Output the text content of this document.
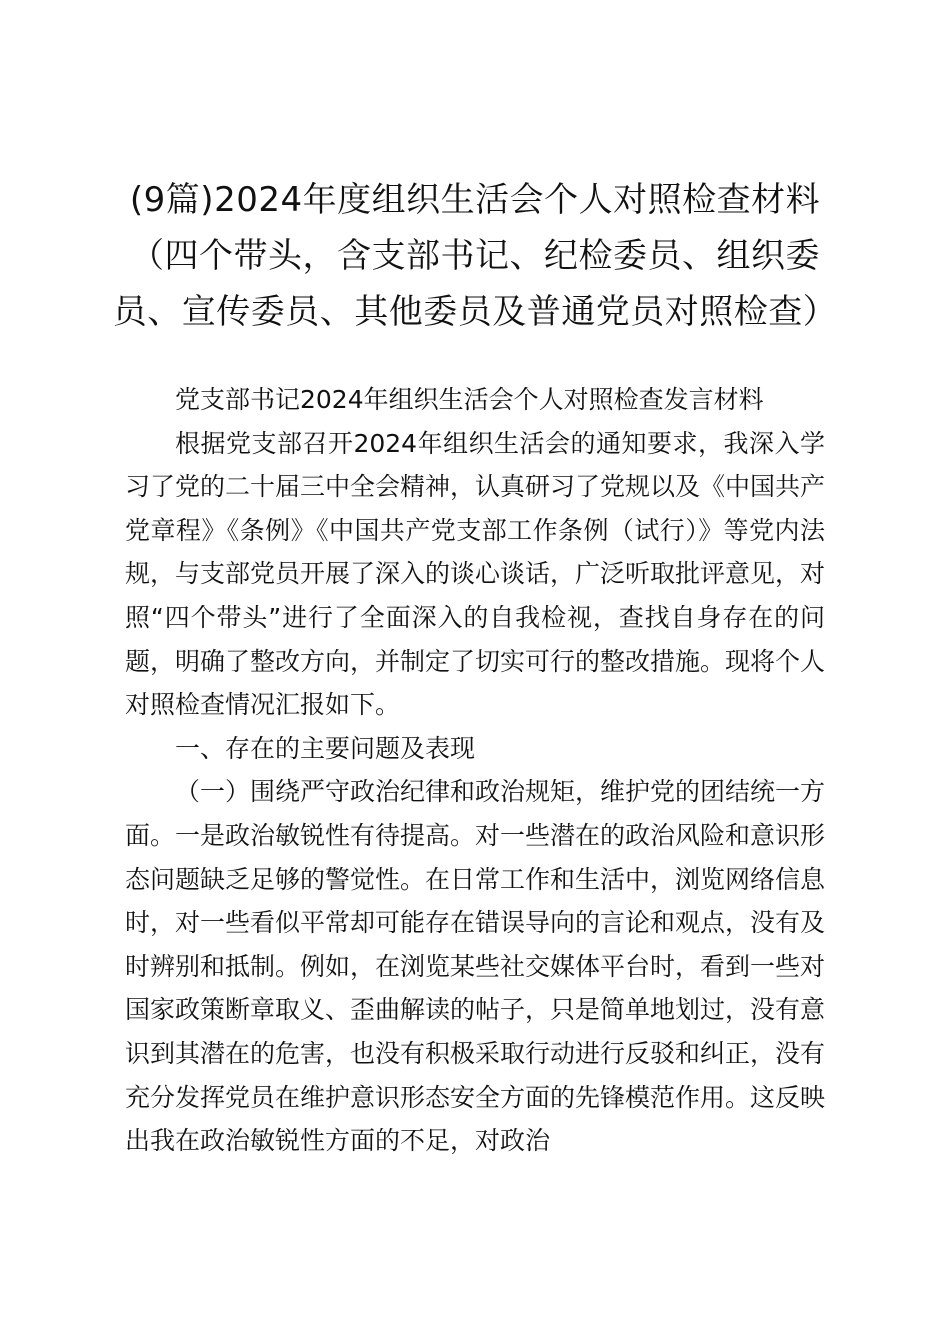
(9篇)2024年度组织生活会个人对照检查材料（四个带头，含支部书记、纪检委员、组织委员、宣传委员、其他委员及普通党员对照检查）

党支部书记2024年组织生活会个人对照检查发言材料

根据党支部召开2024年组织生活会的通知要求，我深入学习了党的二十届三中全会精神，认真研习了党规以及《中国共产党章程》《条例》《中国共产党支部工作条例（试行）》等党内法规，与支部党员开展了深入的谈心谈话，广泛听取批评意见，对照“四个带头”进行了全面深入的自我检视，查找自身存在的问题，明确了整改方向，并制定了切实可行的整改措施。现将个人对照检查情况汇报如下。

一、存在的主要问题及表现

（一）围绕严守政治纪律和政治规矩，维护党的团结统一方面。一是政治敏锐性有待提高。对一些潜在的政治风险和意识形态问题缺乏足够的警觉性。在日常工作和生活中，浏览网络信息时，对一些看似平常却可能存在错误导向的言论和观点，没有及时辨别和抵制。例如，在浏览某些社交媒体平台时，看到一些对国家政策断章取义、歪曲解读的帖子，只是简单地划过，没有意识到其潜在的危害，也没有积极采取行动进行反驳和纠正，没有充分发挥党员在维护意识形态安全方面的先锋模范作用。这反映出我在政治敏锐性方面的不足，对政治
